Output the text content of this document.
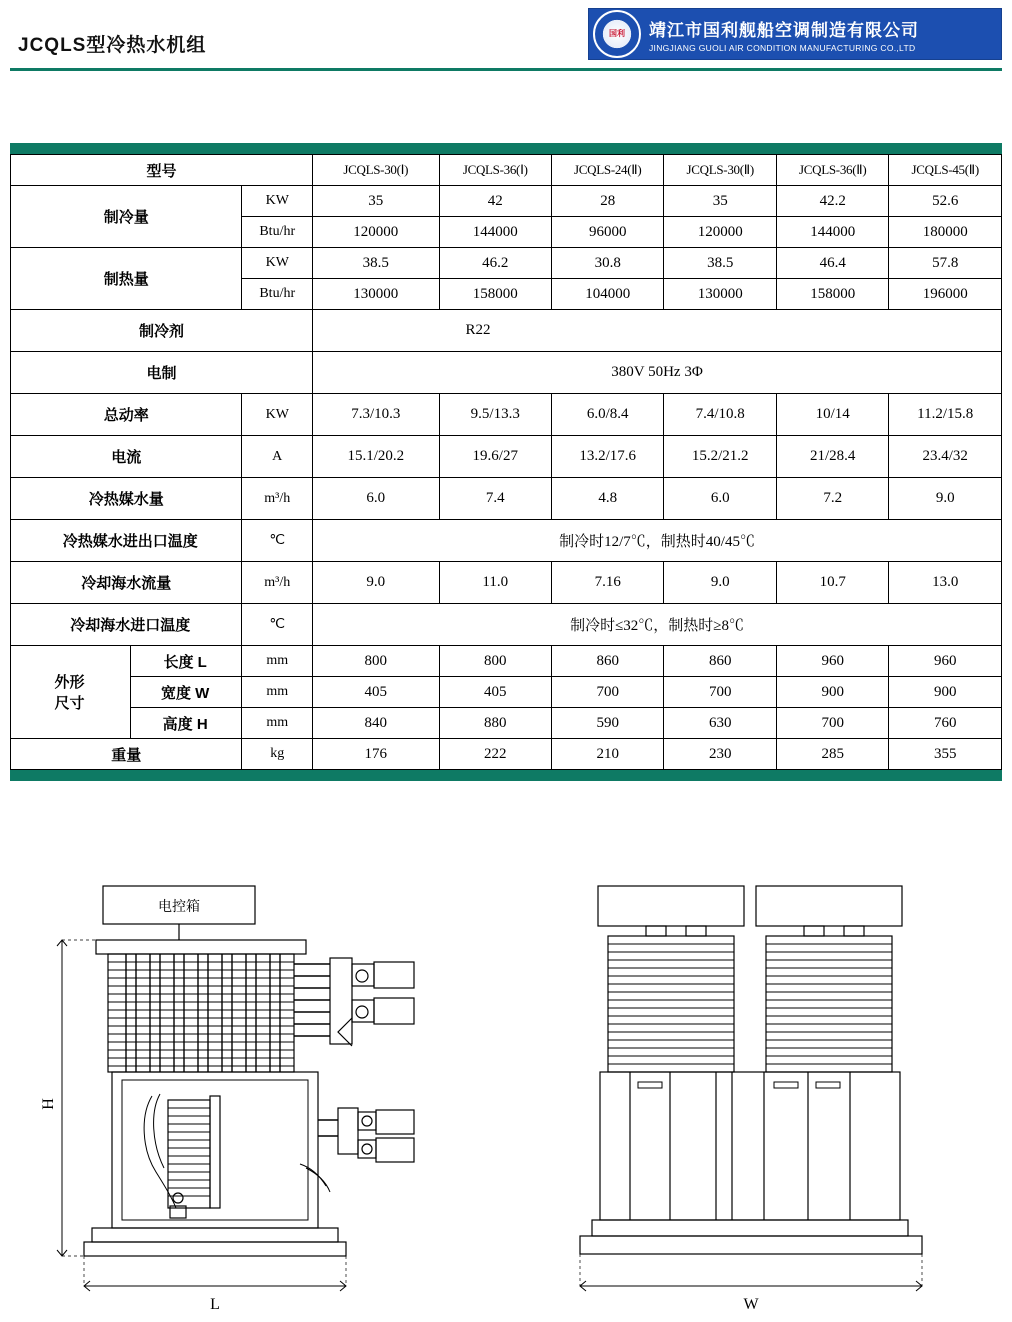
JCQLS型冷热水机组
国利 靖江市国利舰船空调制造有限公司
JINGJIANG GUOLI AIR CONDITION MANUFACTURING CO.,LTD
型号			JCQLS-30(Ⅰ)	JCQLS-36(Ⅰ)	JCQLS-24(Ⅱ)	JCQLS-30(Ⅱ)	JCQLS-36(Ⅱ)	JCQLS-45(Ⅱ)
制冷量		KW	35	42	28	35	42.2	52.6
		Btu/hr	120000	144000	96000	120000	144000	180000
制热量		KW	38.5	46.2	30.8	38.5	46.4	57.8
		Btu/hr	130000	158000	104000	130000	158000	196000
制冷剂			R22					
电制			380V 50Hz 3Φ					
总动率		KW	7.3/10.3	9.5/13.3	6.0/8.4	7.4/10.8	10/14	11.2/15.8
电流		A	15.1/20.2	19.6/27	13.2/17.6	15.2/21.2	21/28.4	23.4/32
冷热媒水量		m³/h	6.0	7.4	4.8	6.0	7.2	9.0
冷热媒水进出口温度		℃	制冷时12/7℃，制热时40/45℃					
冷却海水流量		m³/h	9.0	11.0	7.16	9.0	10.7	13.0
冷却海水进口温度		℃	制冷时≤32℃，制热时≥8℃					

外形
尺寸	长度 L	mm	800	800	860	860	960	960
	宽度 W	mm	405	405	700	700	900	900
	高度 H	mm	840	880	590	630	700	760
重量		kg	176	222	210	230	285	355
电控箱
H
L	W
